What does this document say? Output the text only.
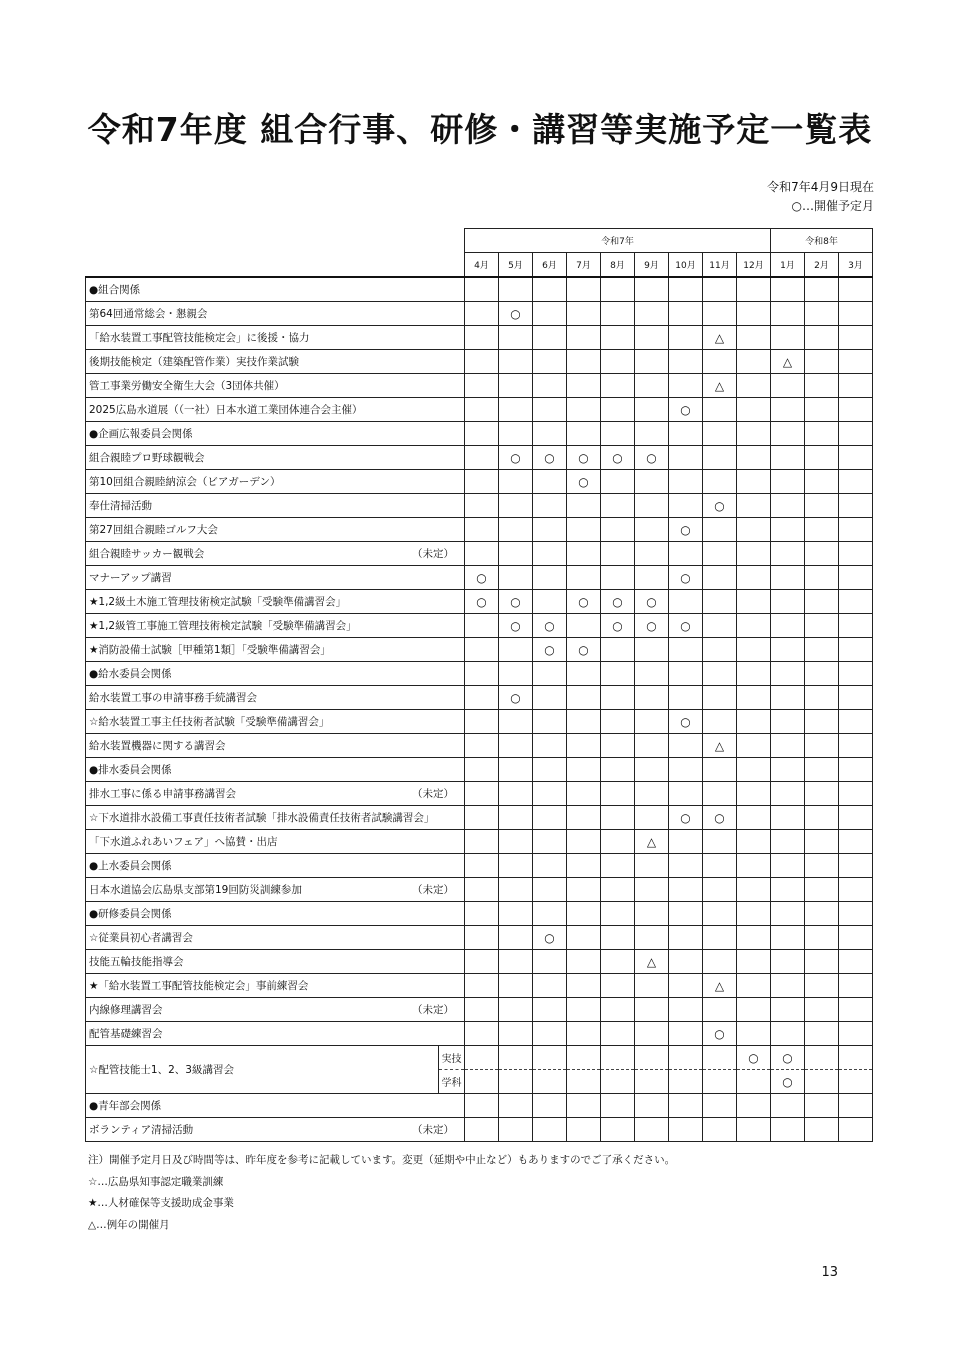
令和7年度 組合行事、研修・講習等実施予定一覧表
令和7年4月9日現在
○…開催予定月
		令和7年									令和8年		
		4月	5月	6月	7月	8月	9月	10月	11月	12月	1月	2月	3月
●組合関係													
第64回通常総会・懇親会			○										
「給水装置工事配管技能検定会」に後援・協力									△				
後期技能検定（建築配管作業）実技作業試験											△		
管工事業労働安全衛生大会（3団体共催）									△				
2025広島水道展（（一社）日本水道工業団体連合会主催）								○					
●企画広報委員会関係													
組合親睦プロ野球観戦会			○	○	○	○	○						
第10回組合親睦納涼会（ビアガーデン）					○								
奉仕清掃活動									○				
第27回組合親睦ゴルフ大会								○					

組合親睦サッカー観戦会 （未定）													

マナーアップ講習		○						○					
★1,2級土木施工管理技術検定試験「受験準備講習会」		○	○		○	○	○						
★1,2級管工事施工管理技術検定試験「受験準備講習会」			○	○		○	○	○					
★消防設備士試験［甲種第1類］「受験準備講習会」				○	○								
●給水委員会関係													
給水装置工事の申請事務手続講習会			○										
☆給水装置工事主任技術者試験「受験準備講習会」								○					
給水装置機器に関する講習会									△				
●排水委員会関係													

排水工事に係る申請事務講習会 （未定）													

☆下水道排水設備工事責任技術者試験「排水設備責任技術者試験講習会」								○	○				
「下水道ふれあいフェア」へ協賛・出店							△						
●上水委員会関係													

日本水道協会広島県支部第19回防災訓練参加 （未定）													

●研修委員会関係													
☆従業員初心者講習会				○									
技能五輪技能指導会							△						
★「給水装置工事配管技能検定会」事前練習会									△				

内線修理講習会 （未定）													

配管基礎練習会									○				
☆配管技能士1、2、3級講習会	実技									○	○		
	学科										○		
●青年部会関係													

ボランティア清掃活動 （未定）													

注）開催予定月日及び時間等は、昨年度を参考に記載しています。変更（延期や中止など）もありますのでご了承ください。
☆…広島県知事認定職業訓練
★…人材確保等支援助成金事業
△…例年の開催月
13
